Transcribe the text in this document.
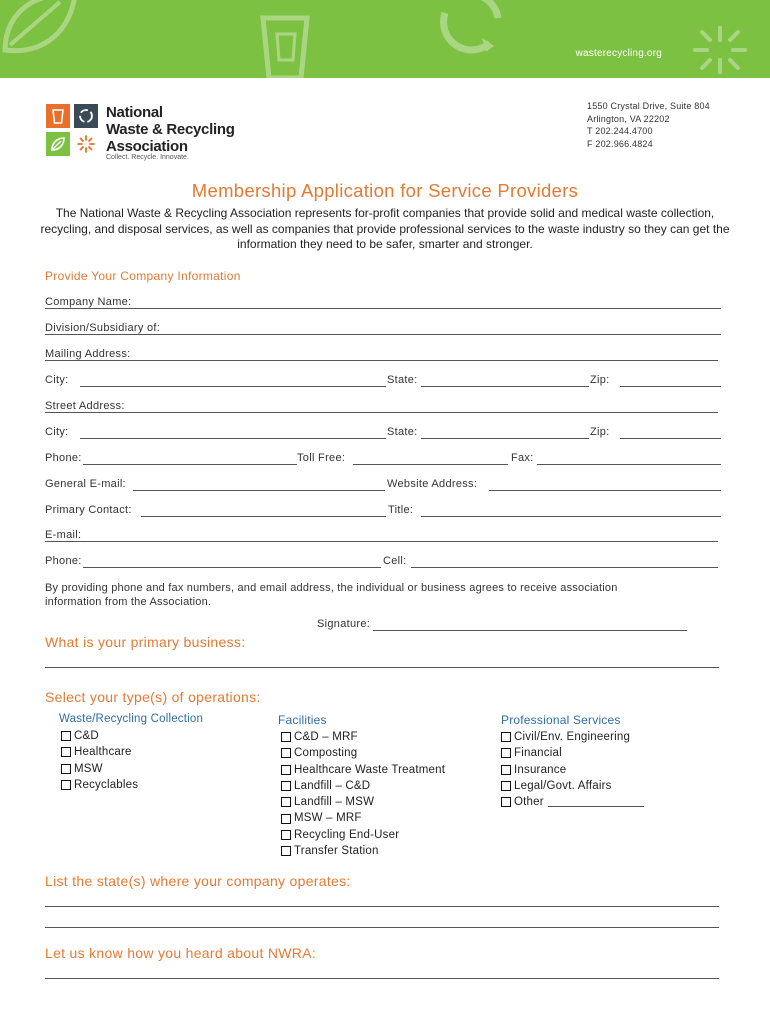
wasterecycling.org
National
Waste & Recycling
Association
Collect. Recycle. Innovate.
1550 Crystal Drive, Suite 804
Arlington, VA 22202
T 202.244.4700
F 202.966.4824
Membership Application for Service Providers
The National Waste & Recycling Association represents for-profit companies that provide solid and medical waste collection, recycling, and disposal services, as well as companies that provide professional services to the waste industry so they can get the information they need to be safer, smarter and stronger.
Provide Your Company Information
Company Name:
Division/Subsidiary of:
Mailing Address:
City:	State:	Zip:
Street Address:
City:	State:	Zip:
Phone:	Toll Free:	Fax:
General E-mail:	Website Address:
Primary Contact:	Title:
E-mail:
Phone:	Cell:
By providing phone and fax numbers, and email address, the individual or business agrees to receive association information from the Association.
Signature:
What is your primary business:
Select your type(s) of operations:
Waste/Recycling Collection
C&D
Healthcare
MSW
Recyclables
Facilities
C&D – MRF
Composting
Healthcare Waste Treatment
Landfill – C&D
Landfill – MSW
MSW – MRF
Recycling End-User
Transfer Station
Professional Services
Civil/Env. Engineering
Financial
Insurance
Legal/Govt. Affairs
Other
List the state(s) where your company operates:
Let us know how you heard about NWRA:
